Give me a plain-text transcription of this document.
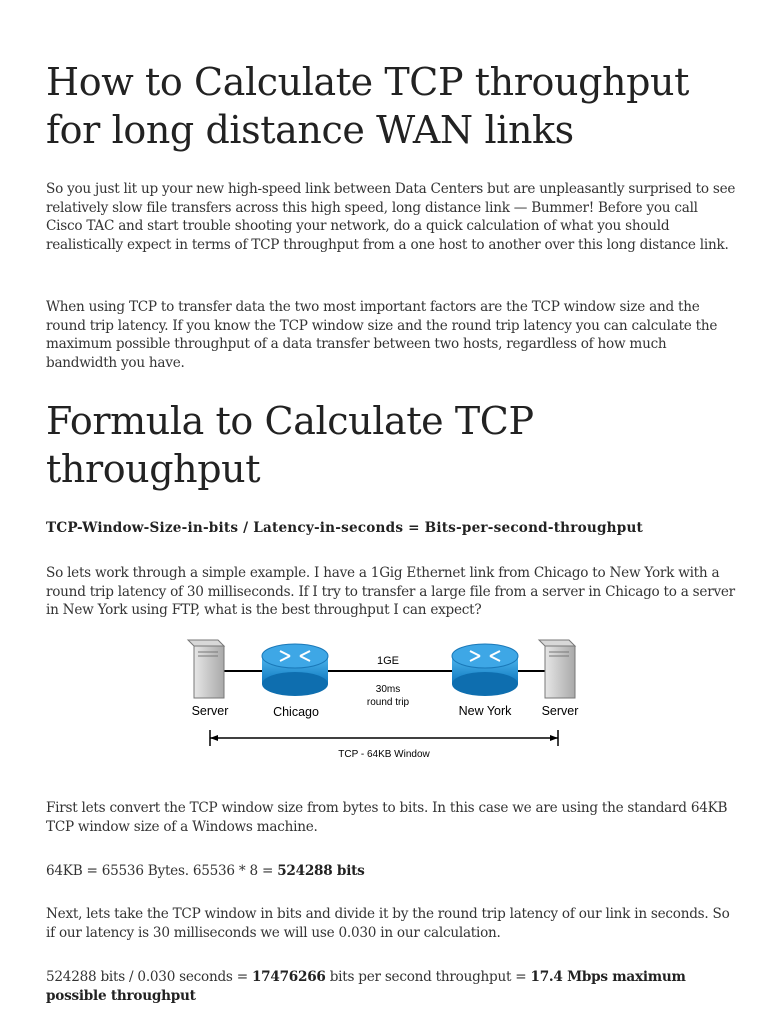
How to Calculate TCP throughput for long distance WAN links

So you just lit up your new high-speed link between Data Centers but are unpleasantly surprised to see relatively slow file transfers across this high speed, long distance link — Bummer! Before you call Cisco TAC and start trouble shooting your network, do a quick calculation of what you should realistically expect in terms of TCP throughput from a one host to another over this long distance link.

When using TCP to transfer data the two most important factors are the TCP window size and the round trip latency. If you know the TCP window size and the round trip latency you can calculate the maximum possible throughput of a data transfer between two hosts, regardless of how much bandwidth you have.

Formula to Calculate TCP throughput

TCP-Window-Size-in-bits / Latency-in-seconds = Bits-per-second-throughput

So lets work through a simple example. I have a 1Gig Ethernet link from Chicago to New York with a round trip latency of 30 milliseconds. If I try to transfer a large file from a server in Chicago to a server in New York using FTP, what is the best throughput I can expect?

First lets convert the TCP window size from bytes to bits. In this case we are using the standard 64KB TCP window size of a Windows machine.

64KB = 65536 Bytes. 65536 * 8 = 524288 bits

Next, lets take the TCP window in bits and divide it by the round trip latency of our link in seconds. So if our latency is 30 milliseconds we will use 0.030 in our calculation.

524288 bits / 0.030 seconds = 17476266 bits per second throughput = 17.4 Mbps maximum possible throughput

Server	Chicago
1GE
30ms
round trip
New York Server
TCP - 64KB Window
